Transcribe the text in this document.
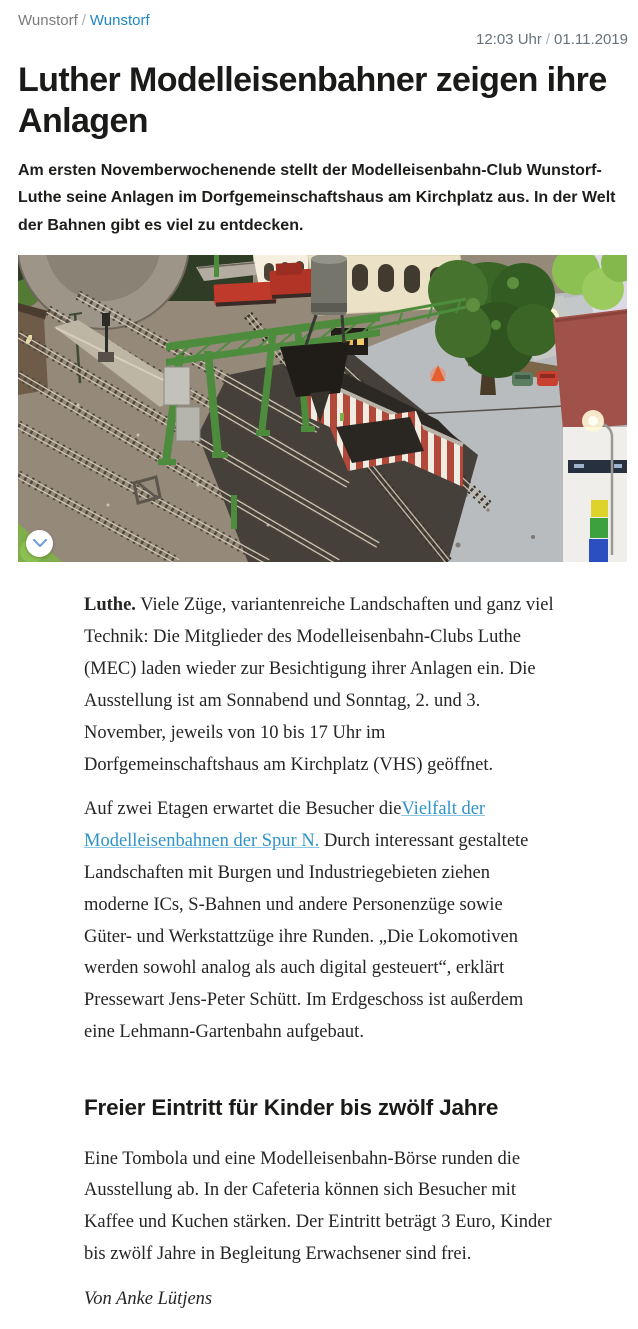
Wunstorf / Wunstorf
12:03 Uhr / 01.11.2019
Luther Modelleisenbahner zeigen ihre Anlagen

Am ersten Novemberwochenende stellt der Modelleisenbahn-Club Wunstorf-Luthe seine Anlagen im Dorfgemeinschaftshaus am Kirchplatz aus. In der Welt der Bahnen gibt es viel zu entdecken.

Luthe. Viele Züge, variantenreiche Landschaften und ganz viel Technik: Die Mitglieder des Modelleisenbahn-Clubs Luthe (MEC) laden wieder zur Besichtigung ihrer Anlagen ein. Die Ausstellung ist am Sonnabend und Sonntag, 2. und 3. November, jeweils von 10 bis 17 Uhr im Dorfgemeinschaftshaus am Kirchplatz (VHS) geöffnet.

Auf zwei Etagen erwartet die Besucher dieVielfalt der Modelleisenbahnen der Spur N. Durch interessant gestaltete Landschaften mit Burgen und Industriegebieten ziehen moderne ICs, S-Bahnen und andere Personenzüge sowie Güter- und Werkstattzüge ihre Runden. „Die Lokomotiven werden sowohl analog als auch digital gesteuert“, erklärt Pressewart Jens-Peter Schütt. Im Erdgeschoss ist außerdem eine Lehmann-Gartenbahn aufgebaut.

Freier Eintritt für Kinder bis zwölf Jahre

Eine Tombola und eine Modelleisenbahn-Börse runden die Ausstellung ab. In der Cafeteria können sich Besucher mit Kaffee und Kuchen stärken. Der Eintritt beträgt 3 Euro, Kinder bis zwölf Jahre in Begleitung Erwachsener sind frei.

Von Anke Lütjens
